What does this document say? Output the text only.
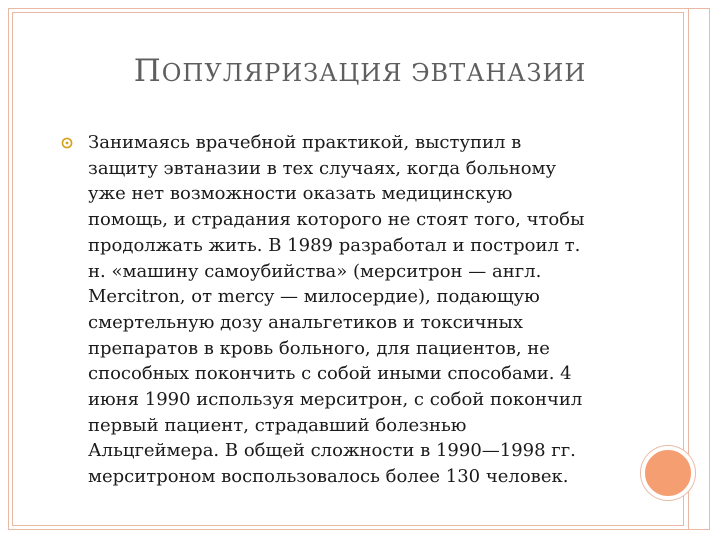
ПОПУЛЯРИЗАЦИЯ ЭВТАНАЗИИ
Занимаясь врачебной практикой, выступил в
защиту эвтаназии в тех случаях, когда больному
уже нет возможности оказать медицинскую
помощь, и страдания которого не стоят того, чтобы
продолжать жить. В 1989 разработал и построил т.
н. «машину самоубийства» (мерситрон — англ.
Mercitron, от mercy — милосердие), подающую
смертельную дозу анальгетиков и токсичных
препаратов в кровь больного, для пациентов, не
способных покончить с собой иными способами. 4
июня 1990 используя мерситрон, с собой покончил
первый пациент, страдавший болезнью
Альцгеймера. В общей сложности в 1990—1998 гг.
мерситроном воспользовалось более 130 человек.
